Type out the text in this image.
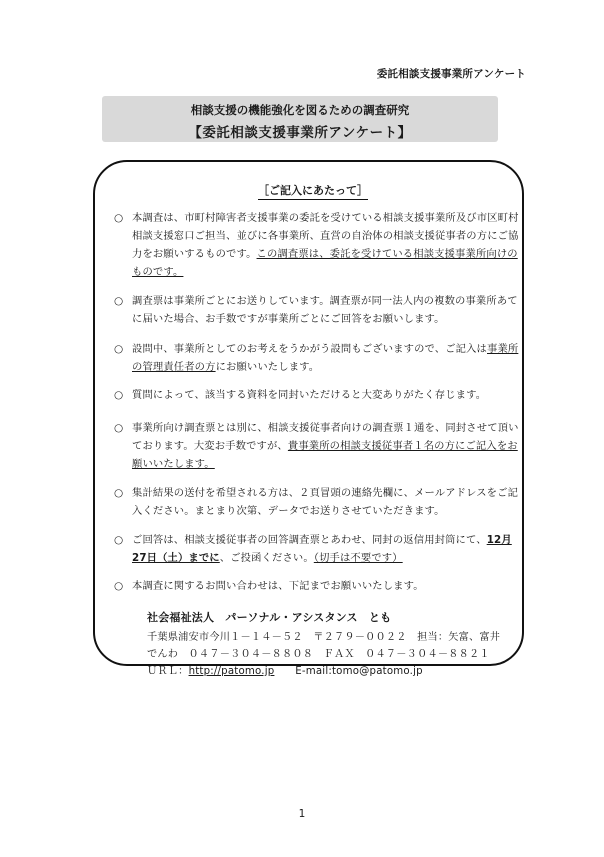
委託相談支援事業所アンケート
相談支援の機能強化を図るための調査研究
【委託相談支援事業所アンケート】
［ご記入にあたって］
○ 本調査は、市町村障害者支援事業の委託を受けている相談支援事業所及び市区町村相談支援窓口ご担当、並びに各事業所、直営の自治体の相談支援従事者の方にご協力をお願いするものです。この調査票は、委託を受けている相談支援事業所向けのものです。

○ 調査票は事業所ごとにお送りしています。調査票が同一法人内の複数の事業所あてに届いた場合、お手数ですが事業所ごとにご回答をお願いします。

○ 設問中、事業所としてのお考えをうかがう設問もございますので、ご記入は事業所の管理責任者の方にお願いいたします。

○ 質問によって、該当する資料を同封いただけると大変ありがたく存じます。

○ 事業所向け調査票とは別に、相談支援従事者向けの調査票１通を、同封させて頂いております。大変お手数ですが、貴事業所の相談支援従事者１名の方にご記入をお願いいたします。

○ 集計結果の送付を希望される方は、２頁冒頭の連絡先欄に、メールアドレスをご記入ください。まとまり次第、データでお送りさせていただきます。

○ ご回答は、相談支援従事者の回答調査票とあわせ、同封の返信用封筒にて、12月27日（土）までに、ご投函ください。（切手は不要です）

○ 本調査に関するお問い合わせは、下記までお願いいたします。

社会福祉法人　パーソナル・アシスタンス　とも
千葉県浦安市今川１－１４－５２　〒２７９－００２２　担当：矢富、富井
でんわ　０４７－３０４－８８０８　ＦＡＸ　０４７－３０４－８８２１
ＵＲＬ：http://patomo.jp　　 E-mail:tomo@patomo.jp
1
